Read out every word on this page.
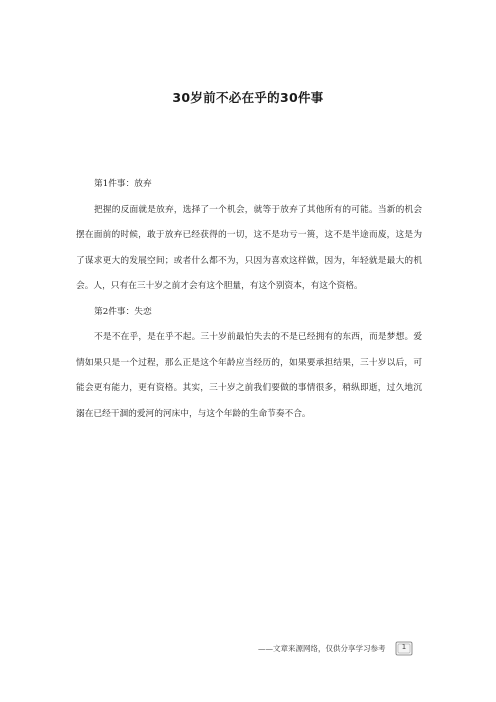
30岁前不必在乎的30件事

第1件事：放弃

把握的反面就是放弃，选择了一个机会，就等于放弃了其他所有的可能。当新的机会摆在面前的时候，敢于放弃已经获得的一切，这不是功亏一篑，这不是半途而废，这是为了谋求更大的发展空间；或者什么都不为，只因为喜欢这样做，因为，年轻就是最大的机会。人，只有在三十岁之前才会有这个胆量，有这个别资本，有这个资格。

第2件事：失恋

不是不在乎，是在乎不起。三十岁前最怕失去的不是已经拥有的东西，而是梦想。爱情如果只是一个过程，那么正是这个年龄应当经历的，如果要承担结果，三十岁以后，可能会更有能力，更有资格。其实，三十岁之前我们要做的事情很多，稍纵即逝，过久地沉溺在已经干涸的爱河的河床中，与这个年龄的生命节奏不合。

——文章来源网络，仅供分享学习参考	1
